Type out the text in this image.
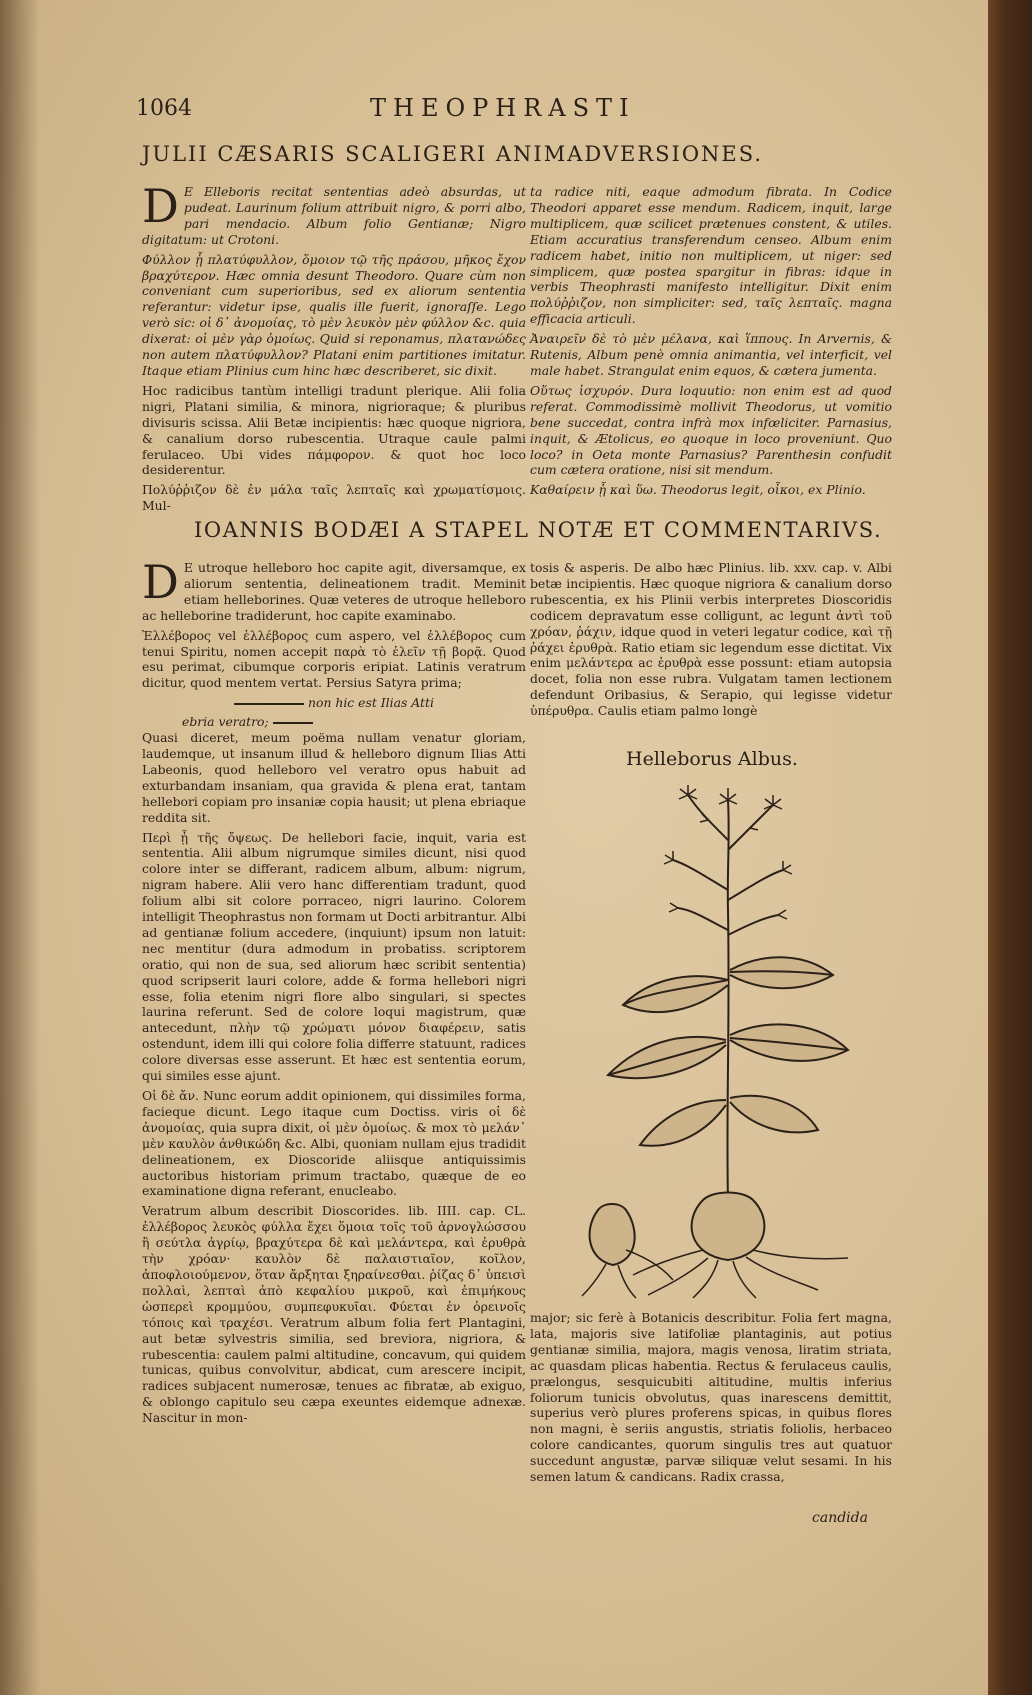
1064	THEOPHRASTI
JULII CÆSARIS SCALIGERI ANIMADVERSIONES.

D E Elleboris recitat sententias adeò absurdas, ut pudeat. Laurinum folium attribuit nigro, & porri albo, pari mendacio. Album folio Gentianæ; Nigro digitatum: ut Crotoni.

Φύλλον ᾗ πλατύφυλλον, ὅμοιον τῷ τῆς πράσου, μῆκος ἔχον βραχύτερον. Hæc omnia desunt Theodoro. Quare cùm non conveniant cum superioribus, sed ex aliorum sententia referantur: videtur ipse, qualis ille fuerit, ignoraſſe. Lego verò sic: οἱ δ᾽ ἀνομοίας, τὸ μὲν λευκὸν μὲν φύλλον &c. quia dixerat: οἱ μὲν γὰρ ὁμοίως. Quid si reponamus, πλατανώδες non autem πλατύφυλλον? Platani enim partitiones imitatur. Itaque etiam Plinius cum hinc hæc describeret, sic dixit.

Hoc radicibus tantùm intelligi tradunt plerique. Alii folia nigri, Platani similia, & minora, nigrioraque; & pluribus divisuris scissa. Alii Betæ incipientis: hæc quoque nigriora, & canalium dorso rubescentia. Utraque caule palmi ferulaceo. Ubi vides πάμφορον. & quot hoc loco desiderentur.

Πολύῤῥιζον δὲ ἐν μάλα ταῖς λεπταῖς καὶ χρωματίσμοις. Mul-

ta radice niti, eaque admodum fibrata. In Codice Theodori apparet esse mendum. Radicem, inquit, large multiplicem, quæ scilicet prætenues constent, & utiles. Etiam accuratius transferendum censeo. Album enim radicem habet, initio non multiplicem, ut niger: sed simplicem, quæ postea spargitur in fibras: idque in verbis Theophrasti manifesto intelligitur. Dixit enim πολύῤῥιζον, non simpliciter: sed, ταῖς λεπταῖς. magna efficacia articuli.

Ἀναιρεῖν δὲ τὸ μὲν μέλανα, καὶ ἵππους. In Arvernis, & Rutenis, Album penè omnia animantia, vel interficit, vel male habet. Strangulat enim equos, & cætera jumenta.

Οὕτως ἰσχυρόν. Dura loquutio: non enim est ad quod referat. Commodissimè mollivit Theodorus, ut vomitio bene succedat, contra infrà mox infœliciter. Parnasius, inquit, & Ætolicus, eo quoque in loco proveniunt. Quo loco? in Oeta monte Parnasius? Parenthesin confudit cum cætera oratione, nisi sit mendum.

Καθαίρειν ᾗ καὶ ὕω. Theodorus legit, οἶκοι, ex Plinio.

IOANNIS BODÆI A STAPEL NOTÆ ET COMMENTARIVS.

D E utroque helleboro hoc capite agit, diversamque, ex aliorum sententia, delineationem tradit. Meminit etiam helleborines. Quæ veteres de utroque helleboro ac helleborine tradiderunt, hoc capite examinabo.

Ἐλλέβορος vel ἑλλέβορος cum aspero, vel ἐλλέβορος cum tenui Spiritu, nomen accepit παρὰ τὸ ἐλεῖν τῇ βορᾷ. Quod esu perimat, cibumque corporis eripiat. Latinis veratrum dicitur, quod mentem vertat. Persius Satyra prima;

non hic est Ilias Atti
ebria veratro;

Quasi diceret, meum poëma nullam venatur gloriam, laudemque, ut insanum illud & helleboro dignum Ilias Atti Labeonis, quod helleboro vel veratro opus habuit ad exturbandam insaniam, qua gravida & plena erat, tantam hellebori copiam pro insaniæ copia hausit; ut plena ebriaque reddita sit.

Περὶ ᾗ τῆς ὄψεως. De hellebori facie, inquit, varia est sententia. Alii album nigrumque similes dicunt, nisi quod colore inter se differant, radicem album, album: nigrum, nigram habere. Alii vero hanc differentiam tradunt, quod folium albi sit colore porraceo, nigri laurino. Colorem intelligit Theophrastus non formam ut Docti arbitrantur. Albi ad gentianæ folium accedere, (inquiunt) ipsum non latuit: nec mentitur (dura admodum in probatiss. scriptorem oratio, qui non de sua, sed aliorum hæc scribit sententia) quod scripserit lauri colore, adde & forma hellebori nigri esse, folia etenim nigri flore albo singulari, si spectes laurina referunt. Sed de colore loqui magistrum, quæ antecedunt, πλὴν τῷ χρώματι μόνον διαφέρειν, satis ostendunt, idem illi qui colore folia differre statuunt, radices colore diversas esse asserunt. Et hæc est sententia eorum, qui similes esse ajunt.

Οἱ δὲ ἄν. Nunc eorum addit opinionem, qui dissimiles forma, facieque dicunt. Lego itaque cum Doctiss. viris οἱ δὲ ἀνομοίας, quia supra dixit, οἱ μὲν ὁμοίως. & mox τὸ μελάν᾽ μὲν καυλὸν ἀνθικώδη &c. Albi, quoniam nullam ejus tradidit delineationem, ex Dioscoride aliisque antiquissimis auctoribus historiam primum tractabo, quæque de eo examinatione digna referant, enucleabo.

Veratrum album describit Dioscorides. lib. IIII. cap. CL. ἐλλέβορος λευκὸς φύλλα ἔχει ὅμοια τοῖς τοῦ ἀρνογλώσσου ἢ σεύτλα ἀγρίῳ, βραχύτερα δὲ καὶ μελάντερα, καὶ ἐρυθρὰ τὴν χρόαν· καυλὸν δὲ παλαιστιαῖον, κοῖλον, ἀποφλοιούμενον, ὅταν ἄρξηται ξηραίνεσθαι. ῥίζας δ᾽ ὑπεισὶ πολλαὶ, λεπταὶ ἀπὸ κεφαλίου μικροῦ, καὶ ἐπιμήκους ὡσπερεὶ κρομμύου, συμπεφυκυῖαι. Φύεται ἐν ὀρεινοῖς τόποις καὶ τραχέσι. Veratrum album folia fert Plantagini, aut betæ sylvestris similia, sed breviora, nigriora, & rubescentia: caulem palmi altitudine, concavum, qui quidem tunicas, quibus convolvitur, abdicat, cum arescere incipit, radices subjacent numerosæ, tenues ac fibratæ, ab exiguo, & oblongo capitulo seu cæpa exeuntes eidemque adnexæ. Nascitur in mon-

tosis & asperis. De albo hæc Plinius. lib. xxv. cap. v. Albi betæ incipientis. Hæc quoque nigriora & canalium dorso rubescentia, ex his Plinii verbis interpretes Dioscoridis codicem depravatum esse colligunt, ac legunt ἀντὶ τοῦ χρόαν, ῥάχιν, idque quod in veteri legatur codice, καὶ τῇ ῥάχει ἐρυθρὰ. Ratio etiam sic legendum esse dictitat. Vix enim μελάντερα ac ἐρυθρὰ esse possunt: etiam autopsia docet, folia non esse rubra. Vulgatam tamen lectionem defendunt Oribasius, & Serapio, qui legisse videtur ὑπέρυθρα. Caulis etiam palmo longè

Helleborus Albus.

major; sic ferè à Botanicis describitur. Folia fert magna, lata, majoris sive latifoliæ plantaginis, aut potius gentianæ similia, majora, magis venosa, liratim striata, ac quasdam plicas habentia. Rectus & ferulaceus caulis, prælongus, sesquicubiti altitudine, multis inferius foliorum tunicis obvolutus, quas inarescens demittit, superius verò plures proferens spicas, in quibus flores non magni, è seriis angustis, striatis foliolis, herbaceo colore candicantes, quorum singulis tres aut quatuor succedunt angustæ, parvæ siliquæ velut sesami. In his semen latum & candicans. Radix crassa,

candida
